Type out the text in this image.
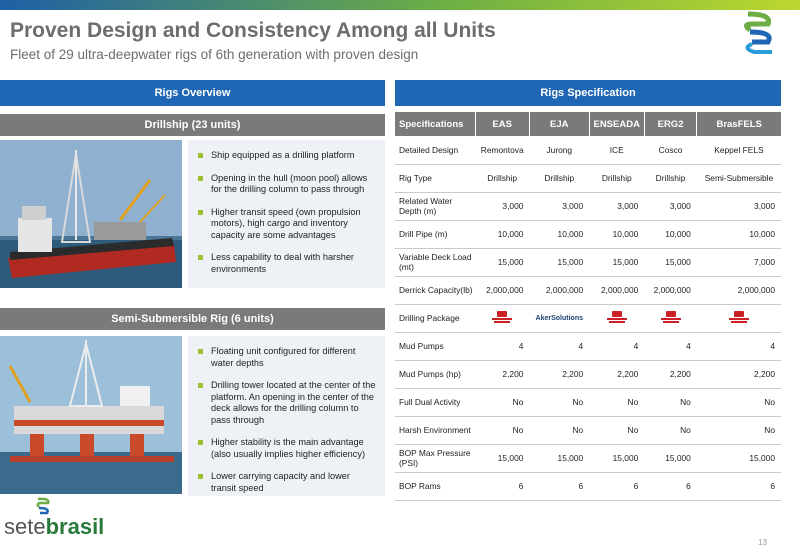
Proven Design and Consistency Among all Units
Fleet of 29 ultra-deepwater rigs of 6th generation with proven design
Rigs Overview
Drillship (23 units)
Ship equipped as a drilling platform
Opening in the hull (moon pool) allows for the drilling column to pass through
Higher transit speed (own propulsion motors), high cargo and inventory capacity are some advantages
Less capability to deal with harsher environments
Semi-Submersible Rig (6 units)
Floating unit configured for different water depths
Drilling tower located at the center of the platform. An opening in the center of the deck allows for the drilling column to pass through
Higher stability is the main advantage (also usually implies higher efficiency)
Lower carrying capacity and lower transit speed
Rigs Specification
Specifications	EAS	EJA	ENSEADA	ERG2	BrasFELS
Detailed Design	Remontova	Jurong	ICE	Cosco	Keppel FELS
Rig Type	Drillship	Drillship	Drillship	Drillship	Semi-Submersible
Related Water Depth (m)	3,000	3,000	3,000	3,000	3,000
Drill Pipe (m)	10,000	10,000	10,000	10,000	10,000
Variable Deck Load (mt)	15,000	15,000	15,000	15,000	7,000
Derrick Capacity(lb)	2,000,000	2,000,000	2,000,000	2,000,000	2,000,000
Drilling Package		AkerSolutions	

Mud Pumps	4	4	4	4	4
Mud Pumps (hp)	2,200	2,200	2,200	2,200	2,200
Full Dual Activity	No	No	No	No	No
Harsh Environment	No	No	No	No	No
BOP Max Pressure (PSI)	15,000	15,000	15,000	15,000	15,000
BOP Rams	6	6	6	6	6
setebrasil
13
